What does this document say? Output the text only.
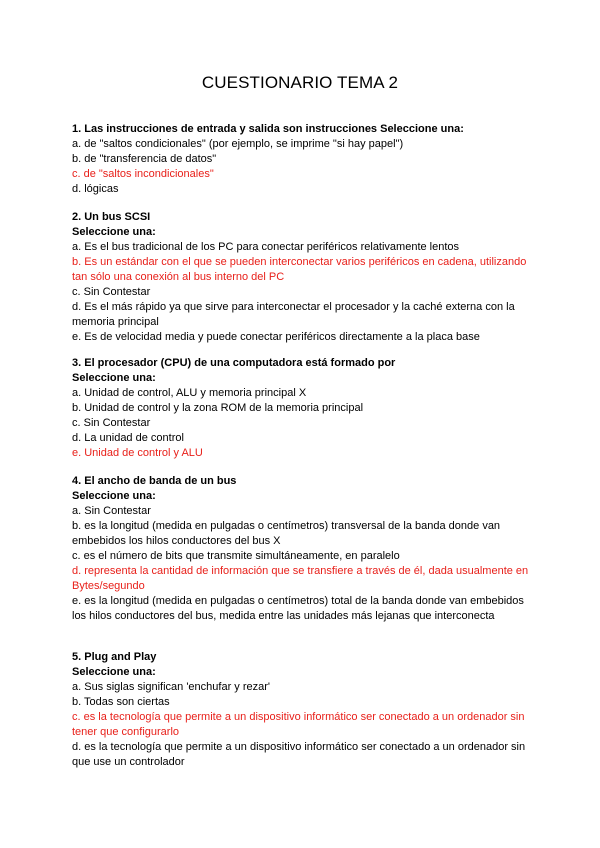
CUESTIONARIO TEMA 2
1. Las instrucciones de entrada y salida son instrucciones Seleccione una:
a. de "saltos condicionales" (por ejemplo, se imprime "si hay papel")
b. de "transferencia de datos"
c. de "saltos incondicionales"
d. lógicas
2. Un bus SCSI
Seleccione una:
a. Es el bus tradicional de los PC para conectar periféricos relativamente lentos
b. Es un estándar con el que se pueden interconectar varios periféricos en cadena, utilizando tan sólo una conexión al bus interno del PC
c. Sin Contestar
d. Es el más rápido ya que sirve para interconectar el procesador y la caché externa con la memoria principal
e. Es de velocidad media y puede conectar periféricos directamente a la placa base
3. El procesador (CPU) de una computadora está formado por
Seleccione una:
a. Unidad de control, ALU y memoria principal X
b. Unidad de control y la zona ROM de la memoria principal
c. Sin Contestar
d. La unidad de control
e. Unidad de control y ALU
4. El ancho de banda de un bus
Seleccione una:
a. Sin Contestar
b. es la longitud (medida en pulgadas o centímetros) transversal de la banda donde van embebidos los hilos conductores del bus X
c. es el número de bits que transmite simultáneamente, en paralelo
d. representa la cantidad de información que se transfiere a través de él, dada usualmente en Bytes/segundo
e. es la longitud (medida en pulgadas o centímetros) total de la banda donde van embebidos los hilos conductores del bus, medida entre las unidades más lejanas que interconecta
5. Plug and Play
Seleccione una:
a. Sus siglas significan 'enchufar y rezar'
b. Todas son ciertas
c. es la tecnología que permite a un dispositivo informático ser conectado a un ordenador sin tener que configurarlo
d. es la tecnología que permite a un dispositivo informático ser conectado a un ordenador sin que use un controlador
